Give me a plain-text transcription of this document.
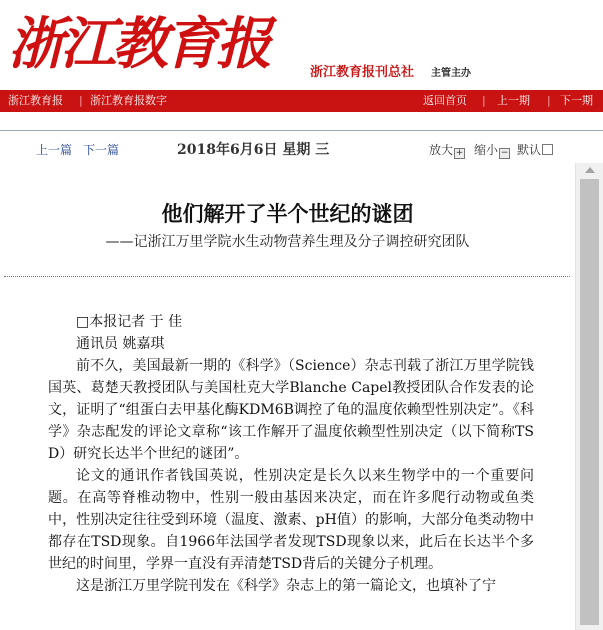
浙江教育报	浙江教育报刊总社 主管主办
浙江教育报 | 浙江教育报数字	返回首页 | 上一期 | 下一期
上一篇 下一篇	2018年6月6日 星期 三	放大 + 缩小 − 默认
他们解开了半个世纪的谜团
——记浙江万里学院水生动物营养生理及分子调控研究团队
□本报记者 于 佳
通讯员 姚嘉琪
前不久，美国最新一期的《科学》（Science）杂志刊载了浙江万里学院钱国英、葛楚天教授团队与美国杜克大学Blanche Capel教授团队合作发表的论文，证明了“组蛋白去甲基化酶KDM6B调控了龟的温度依赖型性别决定”。《科学》杂志配发的评论文章称“该工作解开了温度依赖型性别决定（以下简称TSD）研究长达半个世纪的谜团”。
论文的通讯作者钱国英说，性别决定是长久以来生物学中的一个重要问题。在高等脊椎动物中，性别一般由基因来决定，而在许多爬行动物或鱼类中，性别决定往往受到环境（温度、激素、pH值）的影响，大部分龟类动物中都存在TSD现象。自1966年法国学者发现TSD现象以来，此后在长达半个多世纪的时间里，学界一直没有弄清楚TSD背后的关键分子机理。
这是浙江万里学院刊发在《科学》杂志上的第一篇论文，也填补了宁
